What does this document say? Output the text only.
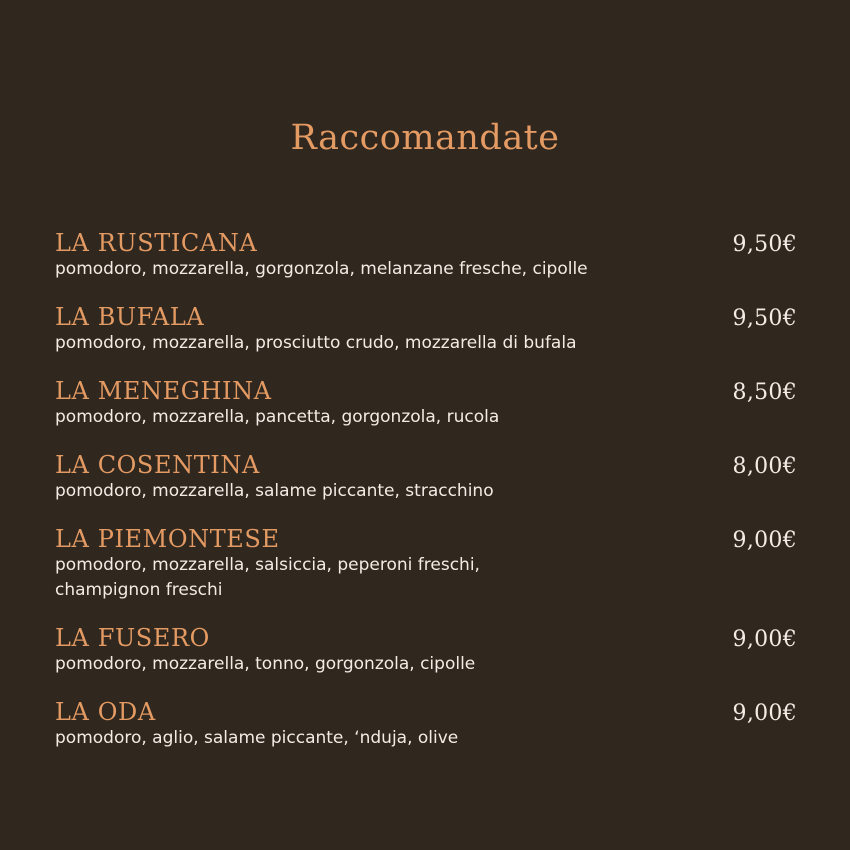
Raccomandate
LA RUSTICANA	9,50€
pomodoro, mozzarella, gorgonzola, melanzane fresche, cipolle
LA BUFALA	9,50€
pomodoro, mozzarella, prosciutto crudo, mozzarella di bufala
LA MENEGHINA	8,50€
pomodoro, mozzarella, pancetta, gorgonzola, rucola
LA COSENTINA	8,00€
pomodoro, mozzarella, salame piccante, stracchino
LA PIEMONTESE	9,00€
pomodoro, mozzarella, salsiccia, peperoni freschi, champignon freschi
LA FUSERO	9,00€
pomodoro, mozzarella, tonno, gorgonzola, cipolle
LA ODA	9,00€
pomodoro, aglio, salame piccante, ‘nduja, olive
